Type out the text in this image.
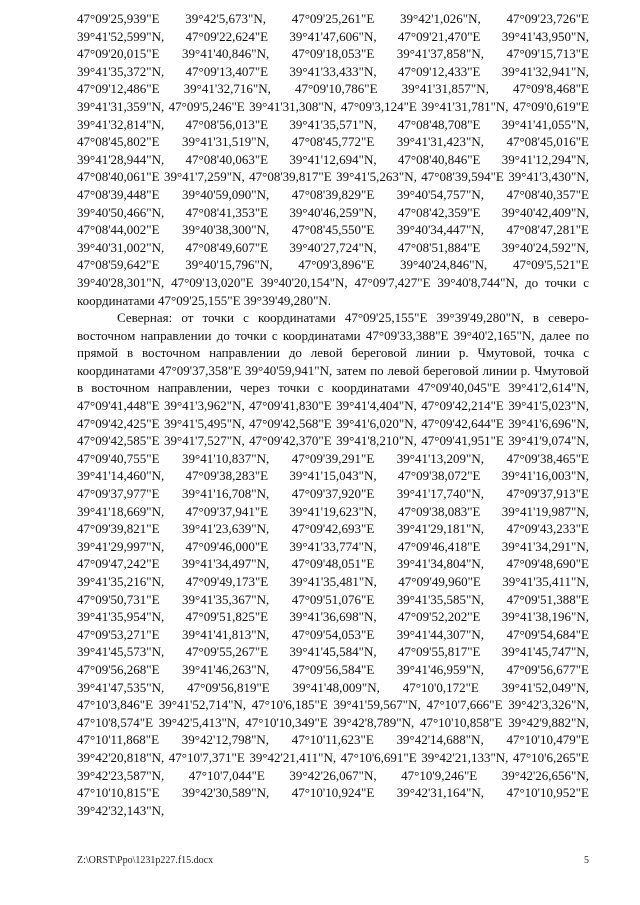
47°09'25,939"E 39°42'5,673"N, 47°09'25,261"E 39°42'1,026"N, 47°09'23,726"E 39°41'52,599"N, 47°09'22,624"E 39°41'47,606"N, 47°09'21,470"E 39°41'43,950"N, 47°09'20,015"E 39°41'40,846"N, 47°09'18,053"E 39°41'37,858"N, 47°09'15,713"E 39°41'35,372"N, 47°09'13,407"E 39°41'33,433"N, 47°09'12,433"E 39°41'32,941"N, 47°09'12,486"E 39°41'32,716"N, 47°09'10,786"E 39°41'31,857"N, 47°09'8,468"E 39°41'31,359"N, 47°09'5,246"E 39°41'31,308"N, 47°09'3,124"E 39°41'31,781"N, 47°09'0,619"E 39°41'32,814"N, 47°08'56,013"E 39°41'35,571"N, 47°08'48,708"E 39°41'41,055"N, 47°08'45,802"E 39°41'31,519"N, 47°08'45,772"E 39°41'31,423"N, 47°08'45,016"E 39°41'28,944"N, 47°08'40,063"E 39°41'12,694"N, 47°08'40,846"E 39°41'12,294"N, 47°08'40,061"E 39°41'7,259"N, 47°08'39,817"E 39°41'5,263"N, 47°08'39,594"E 39°41'3,430"N, 47°08'39,448"E 39°40'59,090"N, 47°08'39,829"E 39°40'54,757"N, 47°08'40,357"E 39°40'50,466"N, 47°08'41,353"E 39°40'46,259"N, 47°08'42,359"E 39°40'42,409"N, 47°08'44,002"E 39°40'38,300"N, 47°08'45,550"E 39°40'34,447"N, 47°08'47,281"E 39°40'31,002"N, 47°08'49,607"E 39°40'27,724"N, 47°08'51,884"E 39°40'24,592"N, 47°08'59,642"E 39°40'15,796"N, 47°09'3,896"E 39°40'24,846"N, 47°09'5,521"E 39°40'28,301"N, 47°09'13,020"E 39°40'20,154"N, 47°09'7,427"E 39°40'8,744"N, до точки с координатами 47°09'25,155"E 39°39'49,280"N.

Северная: от точки с координатами 47°09'25,155"E 39°39'49,280"N, в северо-восточном направлении до точки с координатами 47°09'33,388"E 39°40'2,165"N, далее по прямой в восточном направлении до левой береговой линии р. Чмутовой, точка с координатами 47°09'37,358"E 39°40'59,941"N, затем по левой береговой линии р. Чмутовой в восточном направлении, через точки с координатами 47°09'40,045"E 39°41'2,614"N, 47°09'41,448"E 39°41'3,962"N, 47°09'41,830"E 39°41'4,404"N, 47°09'42,214"E 39°41'5,023"N, 47°09'42,425"E 39°41'5,495"N, 47°09'42,568"E 39°41'6,020"N, 47°09'42,644"E 39°41'6,696"N, 47°09'42,585"E 39°41'7,527"N, 47°09'42,370"E 39°41'8,210"N, 47°09'41,951"E 39°41'9,074"N, 47°09'40,755"E 39°41'10,837"N, 47°09'39,291"E 39°41'13,209"N, 47°09'38,465"E 39°41'14,460"N, 47°09'38,283"E 39°41'15,043"N, 47°09'38,072"E 39°41'16,003"N, 47°09'37,977"E 39°41'16,708"N, 47°09'37,920"E 39°41'17,740"N, 47°09'37,913"E 39°41'18,669"N, 47°09'37,941"E 39°41'19,623"N, 47°09'38,083"E 39°41'19,987"N, 47°09'39,821"E 39°41'23,639"N, 47°09'42,693"E 39°41'29,181"N, 47°09'43,233"E 39°41'29,997"N, 47°09'46,000"E 39°41'33,774"N, 47°09'46,418"E 39°41'34,291"N, 47°09'47,242"E 39°41'34,497"N, 47°09'48,051"E 39°41'34,804"N, 47°09'48,690"E 39°41'35,216"N, 47°09'49,173"E 39°41'35,481"N, 47°09'49,960"E 39°41'35,411"N, 47°09'50,731"E 39°41'35,367"N, 47°09'51,076"E 39°41'35,585"N, 47°09'51,388"E 39°41'35,954"N, 47°09'51,825"E 39°41'36,698"N, 47°09'52,202"E 39°41'38,196"N, 47°09'53,271"E 39°41'41,813"N, 47°09'54,053"E 39°41'44,307"N, 47°09'54,684"E 39°41'45,573"N, 47°09'55,267"E 39°41'45,584"N, 47°09'55,817"E 39°41'45,747"N, 47°09'56,268"E 39°41'46,263"N, 47°09'56,584"E 39°41'46,959"N, 47°09'56,677"E 39°41'47,535"N, 47°09'56,819"E 39°41'48,009"N, 47°10'0,172"E 39°41'52,049"N, 47°10'3,846"E 39°41'52,714"N, 47°10'6,185"E 39°41'59,567"N, 47°10'7,666"E 39°42'3,326"N, 47°10'8,574"E 39°42'5,413"N, 47°10'10,349"E 39°42'8,789"N, 47°10'10,858"E 39°42'9,882"N, 47°10'11,868"E 39°42'12,798"N, 47°10'11,623"E 39°42'14,688"N, 47°10'10,479"E 39°42'20,818"N, 47°10'7,371"E 39°42'21,411"N, 47°10'6,691"E 39°42'21,133"N, 47°10'6,265"E 39°42'23,587"N, 47°10'7,044"E 39°42'26,067"N, 47°10'9,246"E 39°42'26,656"N, 47°10'10,815"E 39°42'30,589"N, 47°10'10,924"E 39°42'31,164"N, 47°10'10,952"E 39°42'32,143"N,

Z:\ORST\Ppo\1231p227.f15.docx	5
